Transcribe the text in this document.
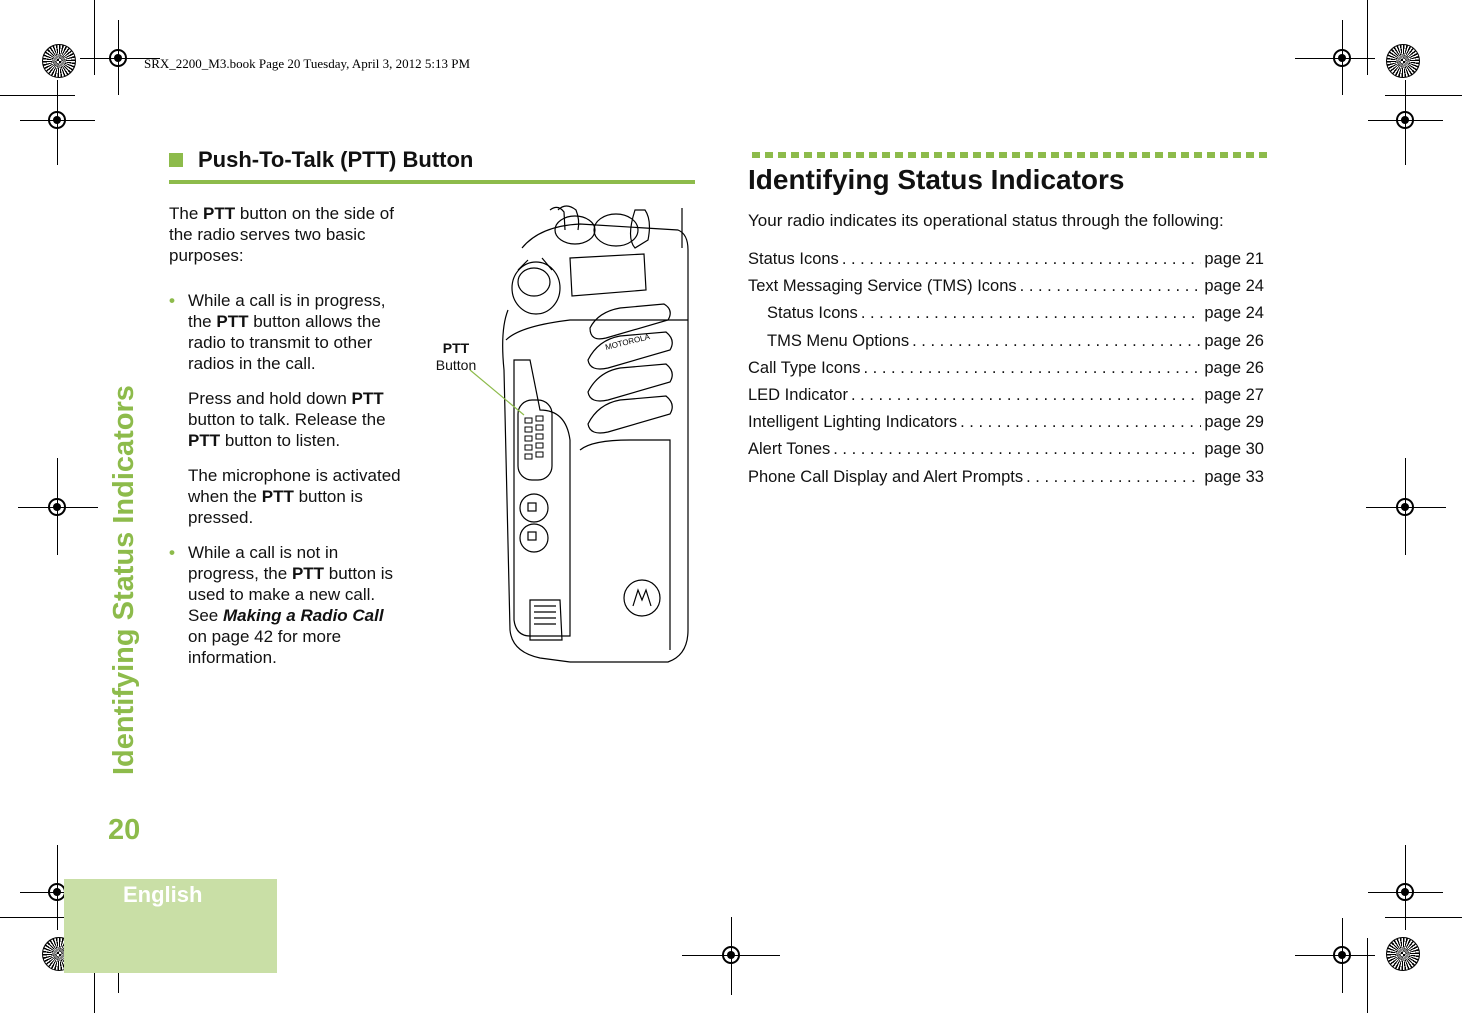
SRX_2200_M3.book Page 20 Tuesday, April 3, 2012 5:13 PM
Identifying Status Indicators
20
English
Push-To-Talk (PTT) Button
The PTT button on the side of the radio serves two basic purposes:
• While a call is in progress, the PTT button allows the radio to transmit to other radios in the call.

Press and hold down PTT button to talk. Release the PTT button to listen.

The microphone is activated when the PTT button is pressed.

• While a call is not in progress, the PTT button is used to make a new call. See Making a Radio Call on page 42 for more information.

MOTOROLA
PTT
Button
Identifying Status Indicators
Your radio indicates its operational status through the following:
Status Icons . . .	page 21
Text Messaging Service (TMS) Icons . . .	page 24
Status Icons . . .	page 24
TMS Menu Options . . .	page 26
Call Type Icons . . .	page 26
LED Indicator . . .	page 27
Intelligent Lighting Indicators . . .	page 29
Alert Tones . . .	page 30
Phone Call Display and Alert Prompts . . .	page 33
